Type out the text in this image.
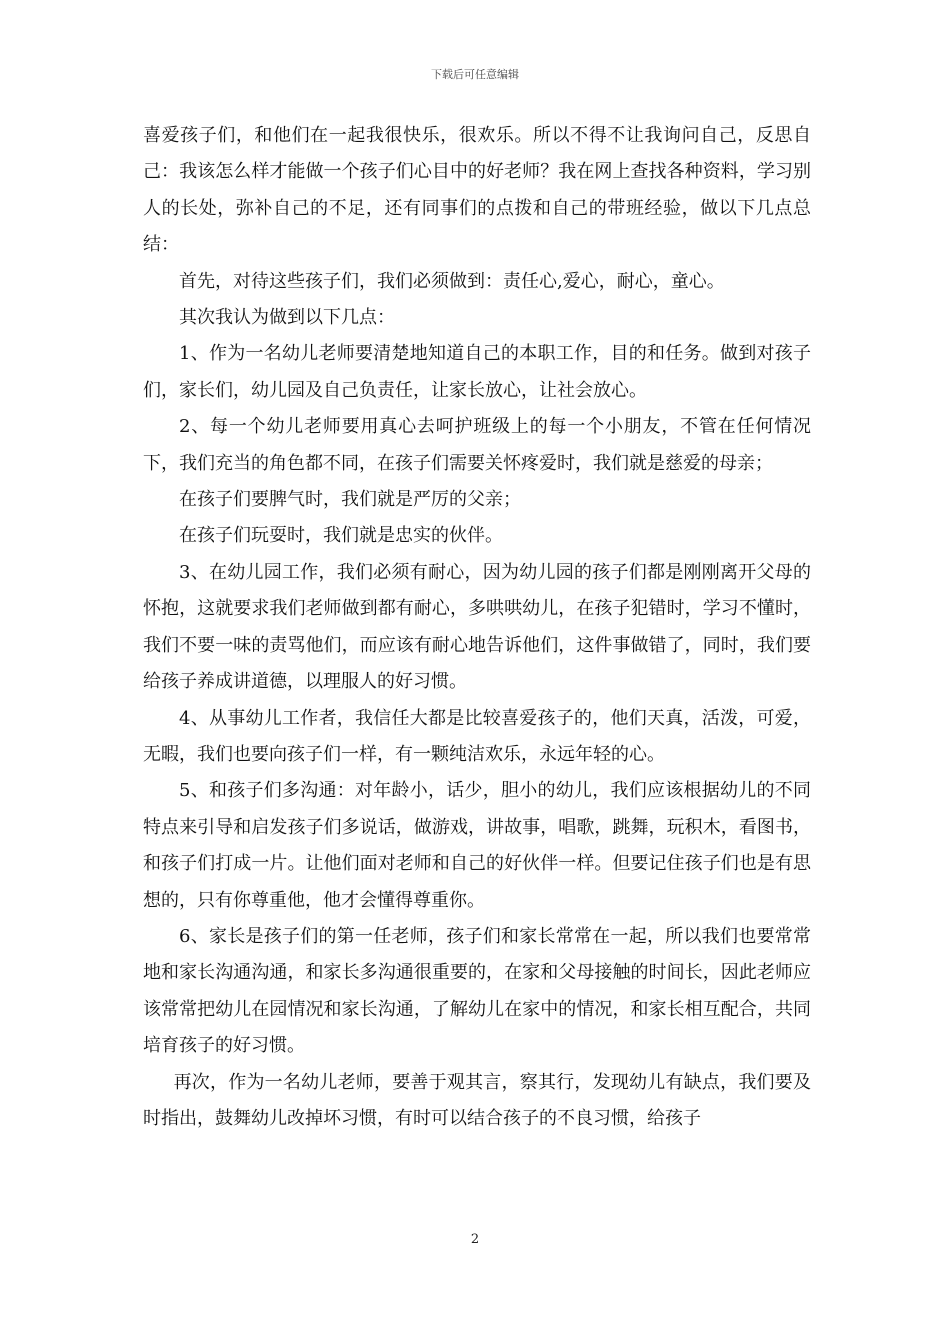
下载后可任意编辑

喜爱孩子们，和他们在一起我很快乐，很欢乐。所以不得不让我询问自己，反思自己：我该怎么样才能做一个孩子们心目中的好老师？我在网上查找各种资料，学习别人的长处，弥补自己的不足，还有同事们的点拨和自己的带班经验，做以下几点总结：

首先，对待这些孩子们，我们必须做到：责任心,爱心，耐心，童心。

其次我认为做到以下几点：

1、作为一名幼儿老师要清楚地知道自己的本职工作，目的和任务。做到对孩子们，家长们，幼儿园及自己负责任，让家长放心，让社会放心。

2、每一个幼儿老师要用真心去呵护班级上的每一个小朋友，不管在任何情况下，我们充当的角色都不同，在孩子们需要关怀疼爱时，我们就是慈爱的母亲；

在孩子们要脾气时，我们就是严厉的父亲；

在孩子们玩耍时，我们就是忠实的伙伴。

3、在幼儿园工作，我们必须有耐心，因为幼儿园的孩子们都是刚刚离开父母的怀抱，这就要求我们老师做到都有耐心，多哄哄幼儿，在孩子犯错时，学习不懂时，我们不要一味的责骂他们，而应该有耐心地告诉他们，这件事做错了，同时，我们要给孩子养成讲道德，以理服人的好习惯。

4、从事幼儿工作者，我信任大都是比较喜爱孩子的，他们天真，活泼，可爱，无暇，我们也要向孩子们一样，有一颗纯洁欢乐，永远年轻的心。

5、和孩子们多沟通：对年龄小，话少，胆小的幼儿，我们应该根据幼儿的不同特点来引导和启发孩子们多说话，做游戏，讲故事，唱歌，跳舞，玩积木，看图书，和孩子们打成一片。让他们面对老师和自己的好伙伴一样。但要记住孩子们也是有思想的，只有你尊重他，他才会懂得尊重你。

6、家长是孩子们的第一任老师，孩子们和家长常常在一起，所以我们也要常常地和家长沟通沟通，和家长多沟通很重要的，在家和父母接触的时间长，因此老师应该常常把幼儿在园情况和家长沟通，了解幼儿在家中的情况，和家长相互配合，共同培育孩子的好习惯。

再次，作为一名幼儿老师，要善于观其言，察其行，发现幼儿有缺点，我们要及时指出，鼓舞幼儿改掉坏习惯，有时可以结合孩子的不良习惯，给孩子

2
